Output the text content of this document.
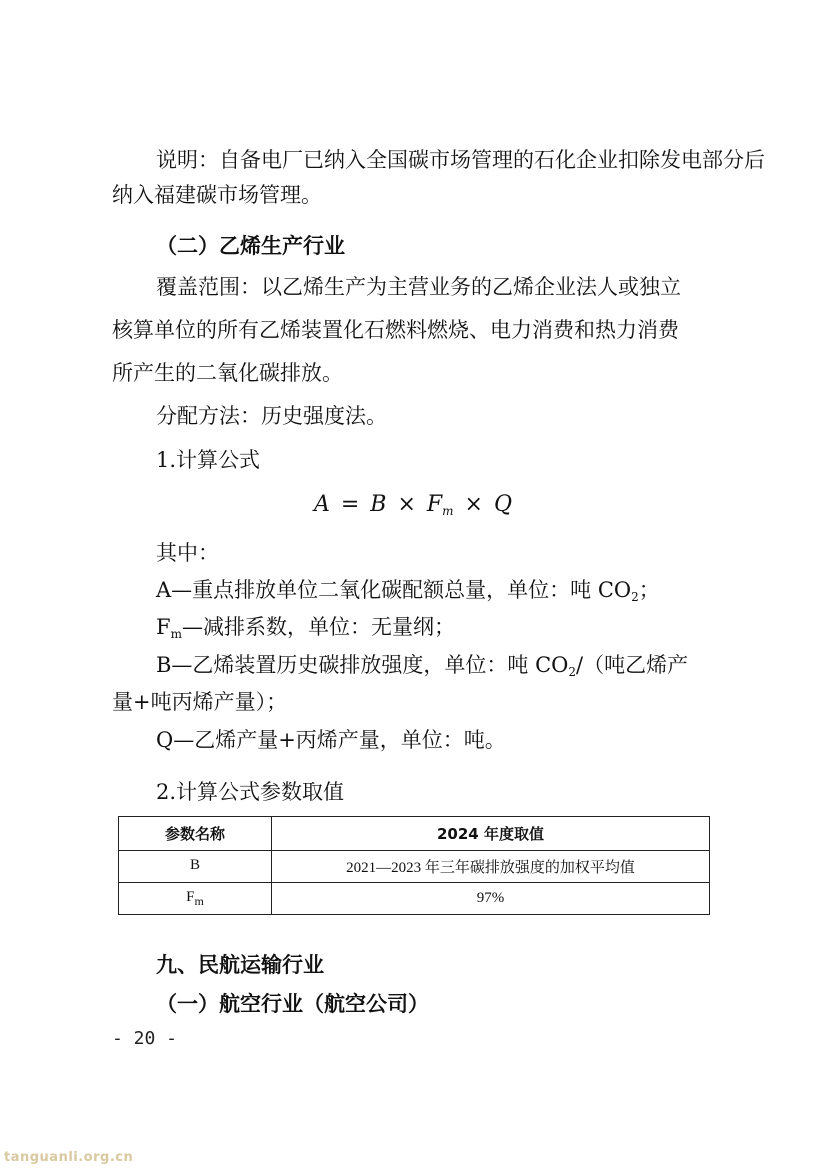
说明：自备电厂已纳入全国碳市场管理的石化企业扣除发电部分后
纳入福建碳市场管理。
（二）乙烯生产行业
覆盖范围：以乙烯生产为主营业务的乙烯企业法人或独立
核算单位的所有乙烯装置化石燃料燃烧、电力消费和热力消费
所产生的二氧化碳排放。
分配方法：历史强度法。
1.计算公式
$A = B \times F_m \times Q$
其中：
A—重点排放单位二氧化碳配额总量，单位：吨 $CO_2$；
$F_m—$减排系数，单位：无量纲；
B—乙烯装置历史碳排放强度，单位：吨 $CO_2/$（吨乙烯产
量+吨丙烯产量）；
Q—乙烯产量+丙烯产量，单位：吨。
2.计算公式参数取值
参数名称	2024 年度取值
B	2021—2023 年三年碳排放强度的加权平均值
$F_m$	97%
九、民航运输行业
（一）航空行业（航空公司）
- 20 -
tanguanli.org.cn
